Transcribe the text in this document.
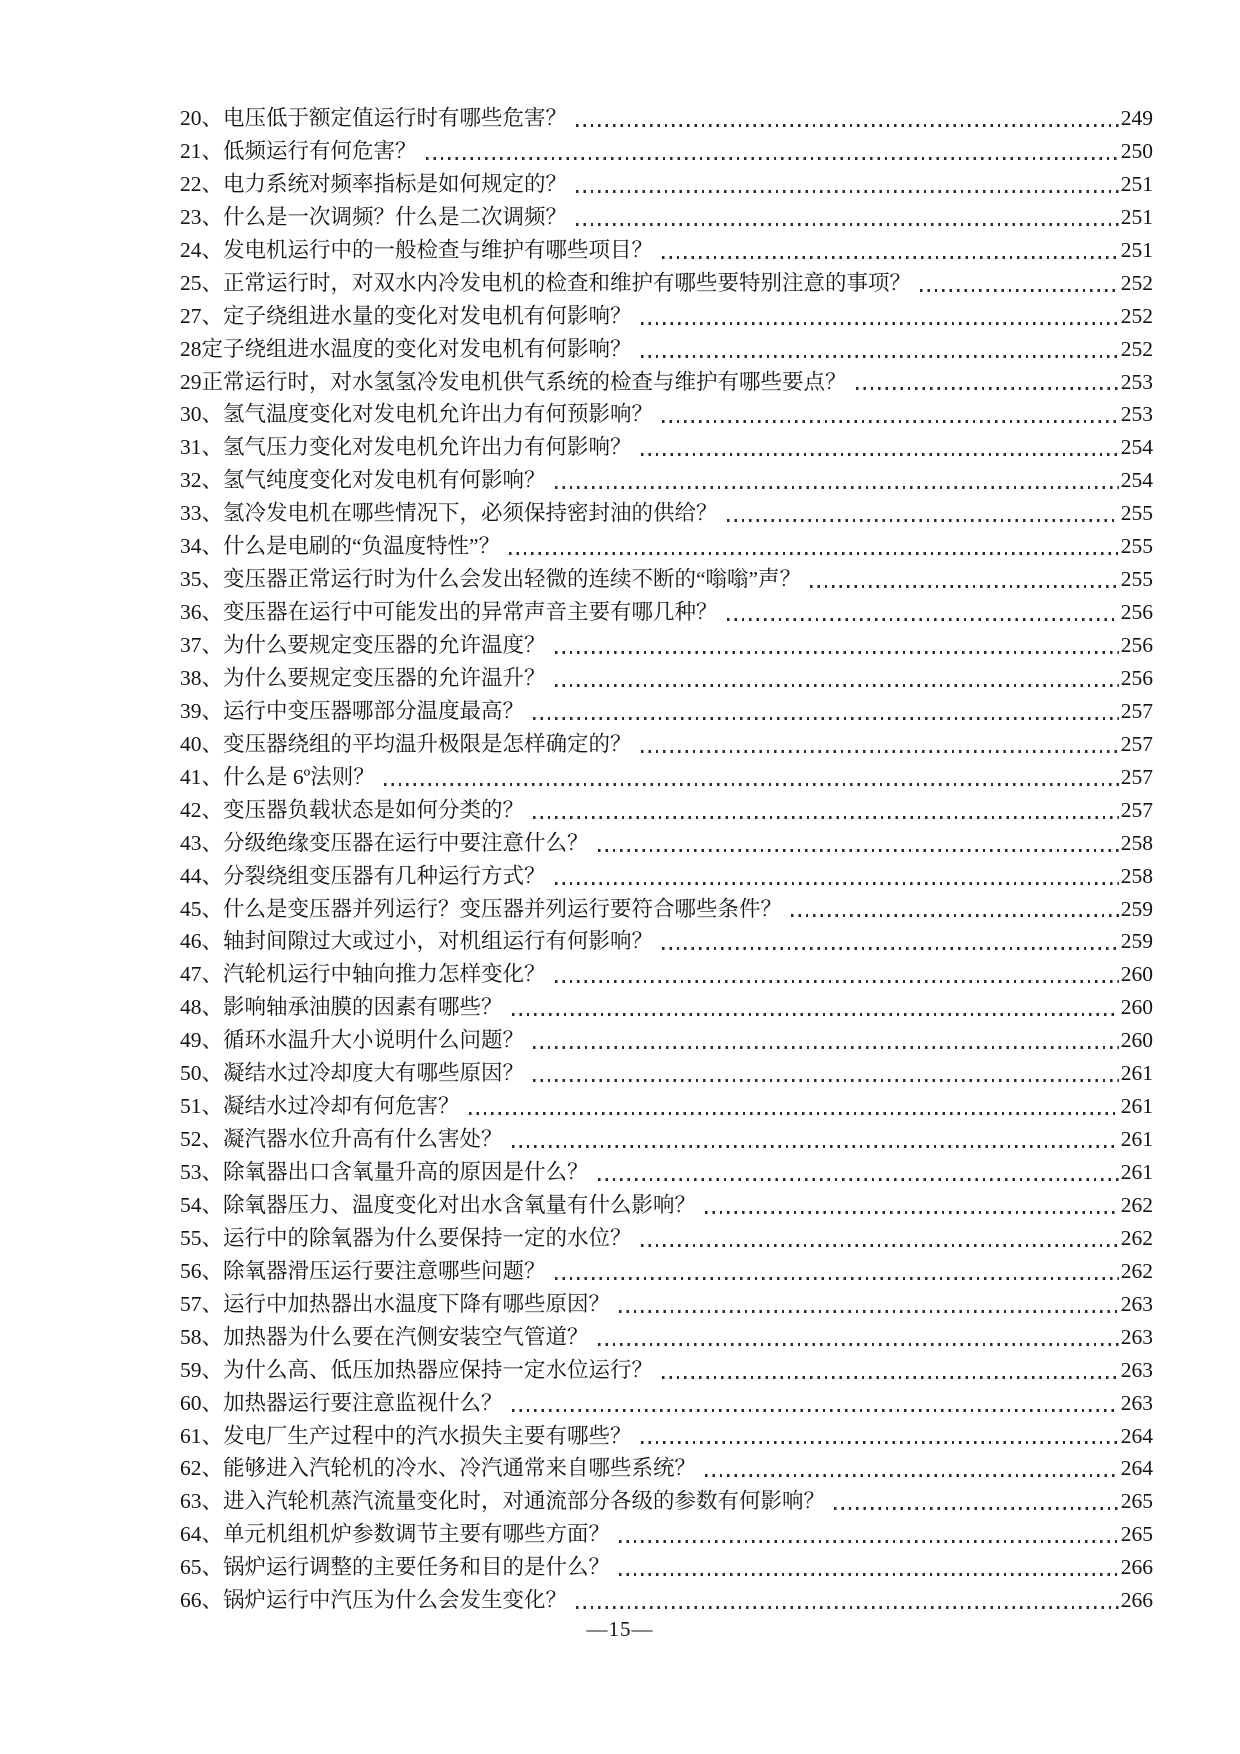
20、 电压低于额定值运行时有哪些危害？	249
21、 低频运行有何危害？	250
22、 电力系统对频率指标是如何规定的？	251
23、 什么是一次调频？什么是二次调频？	251
24、 发电机运行中的一般检查与维护有哪些项目？	251
25、 正常运行时，对双水内冷发电机的检查和维护有哪些要特别注意的事项？	252
27、 定子绕组进水量的变化对发电机有何影响？	252
28 定子绕组进水温度的变化对发电机有何影响？	252
29 正常运行时，对水氢氢冷发电机供气系统的检查与维护有哪些要点？	253
30、 氢气温度变化对发电机允许出力有何预影响？	253
31、 氢气压力变化对发电机允许出力有何影响？	254
32、 氢气纯度变化对发电机有何影响？	254
33、 氢冷发电机在哪些情况下，必须保持密封油的供给？	255
34、 什么是电刷的“负温度特性”？	255
35、 变压器正常运行时为什么会发出轻微的连续不断的“嗡嗡”声？	255
36、 变压器在运行中可能发出的异常声音主要有哪几种？	256
37、 为什么要规定变压器的允许温度？	256
38、 为什么要规定变压器的允许温升？	256
39、 运行中变压器哪部分温度最高？	257
40、 变压器绕组的平均温升极限是怎样确定的？	257
41、 什么是 6º法则？	257
42、 变压器负载状态是如何分类的？	257
43、 分级绝缘变压器在运行中要注意什么？	258
44、 分裂绕组变压器有几种运行方式？	258
45、 什么是变压器并列运行？变压器并列运行要符合哪些条件？	259
46、 轴封间隙过大或过小，对机组运行有何影响？	259
47、 汽轮机运行中轴向推力怎样变化？	260
48、 影响轴承油膜的因素有哪些？	260
49、 循环水温升大小说明什么问题？	260
50、 凝结水过冷却度大有哪些原因？	261
51、 凝结水过冷却有何危害？	261
52、 凝汽器水位升高有什么害处？	261
53、 除氧器出口含氧量升高的原因是什么？	261
54、 除氧器压力、温度变化对出水含氧量有什么影响？	262
55、 运行中的除氧器为什么要保持一定的水位？	262
56、 除氧器滑压运行要注意哪些问题？	262
57、 运行中加热器出水温度下降有哪些原因？	263
58、 加热器为什么要在汽侧安装空气管道？	263
59、 为什么高、低压加热器应保持一定水位运行？	263
60、 加热器运行要注意监视什么？	263
61、 发电厂生产过程中的汽水损失主要有哪些？	264
62、 能够进入汽轮机的冷水、冷汽通常来自哪些系统？	264
63、 进入汽轮机蒸汽流量变化时，对通流部分各级的参数有何影响？	265
64、 单元机组机炉参数调节主要有哪些方面？	265
65、 锅炉运行调整的主要任务和目的是什么？	266
66、 锅炉运行中汽压为什么会发生变化？	266
—15—
